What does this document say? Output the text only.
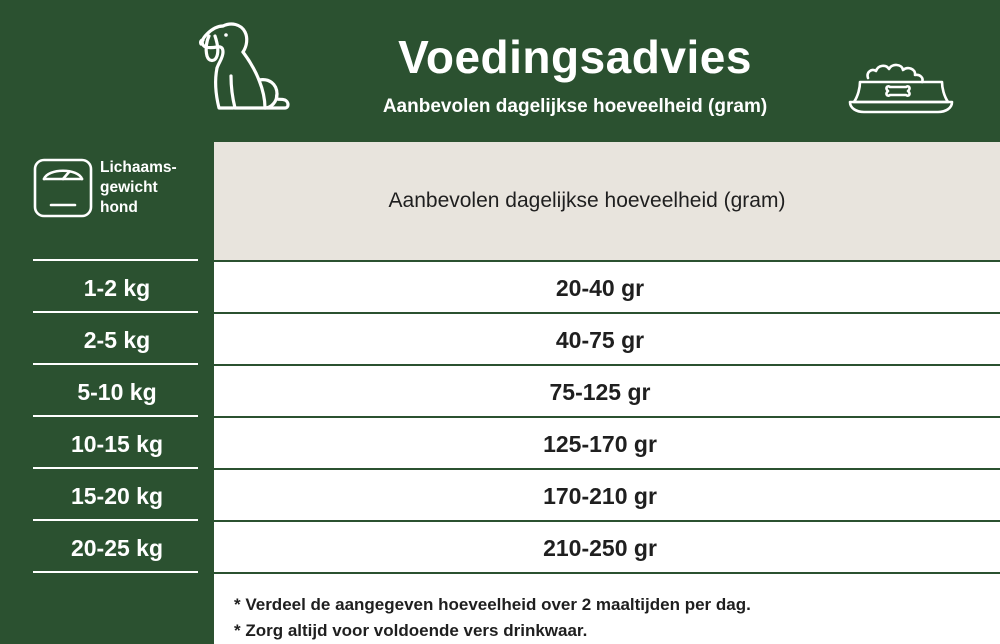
Voedingsadvies

Aanbevolen dagelijkse hoeveelheid (gram)

Lichaams-
gewicht
hond	Aanbevolen dagelijkse hoeveelheid (gram)
20-40 gr
40-75 gr
75-125 gr
125-170 gr
170-210 gr
210-250 gr
* Verdeel de aangegeven hoeveelheid over 2 maaltijden per dag.
* Zorg altijd voor voldoende vers drinkwaar.
1-2 kg
2-5 kg
5-10 kg
10-15 kg
15-20 kg
20-25 kg
